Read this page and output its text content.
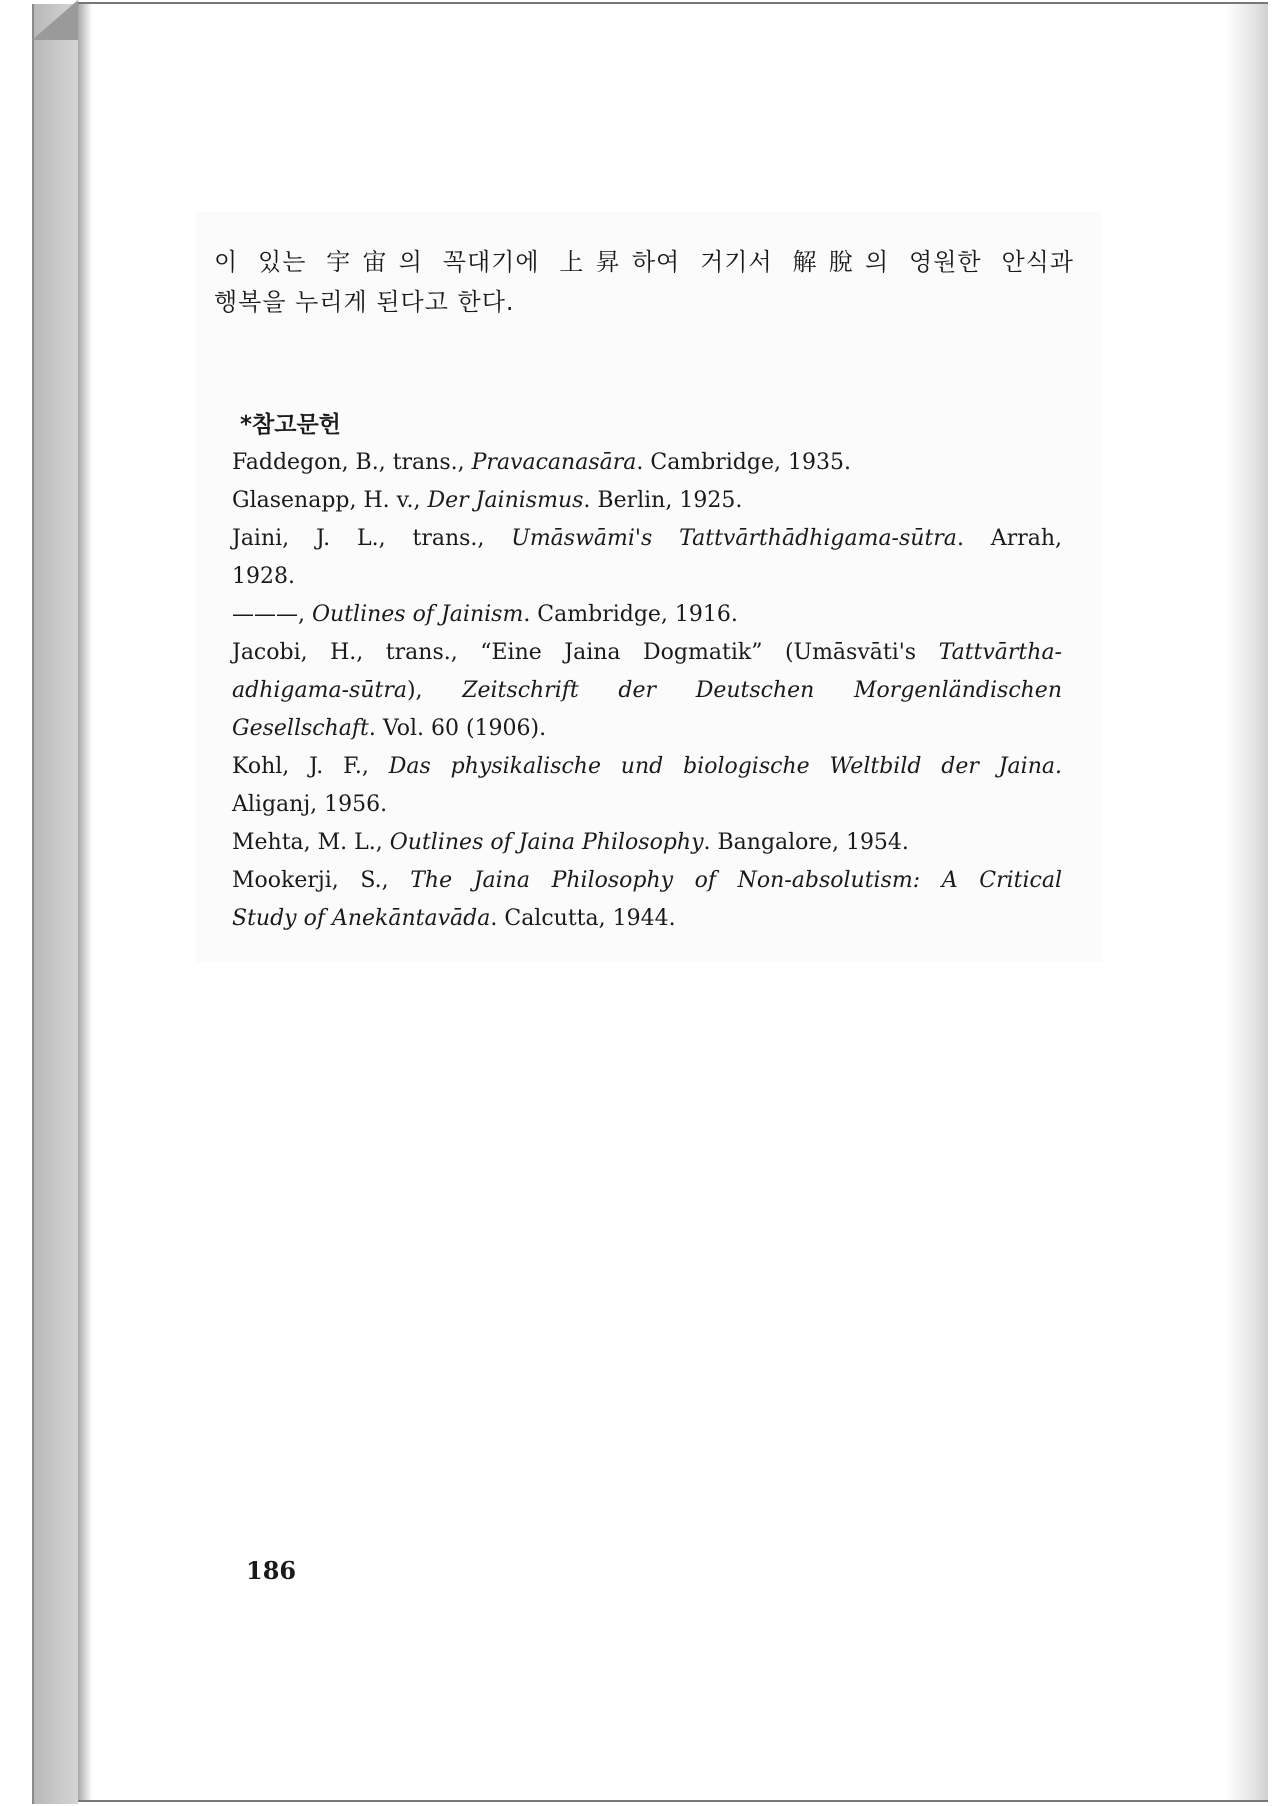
이 있는 宇宙의 꼭대기에 上昇하여 거기서 解脫의 영원한 안식과
행복을 누리게 된다고 한다.
*참고문헌
Faddegon, B., trans., Pravacanasāra. Cambridge, 1935.
Glasenapp, H. v., Der Jainismus. Berlin, 1925.
Jaini, J. L., trans., Umāswāmi's Tattvārthādhigama-sūtra. Arrah,
1928.
———, Outlines of Jainism. Cambridge, 1916.
Jacobi, H., trans., “Eine Jaina Dogmatik” (Umāsvāti's Tattvārtha-
adhigama-sūtra), Zeitschrift der Deutschen Morgenländischen
Gesellschaft. Vol. 60 (1906).
Kohl, J. F., Das physikalische und biologische Weltbild der Jaina.
Aliganj, 1956.
Mehta, M. L., Outlines of Jaina Philosophy. Bangalore, 1954.
Mookerji, S., The Jaina Philosophy of Non-absolutism: A Critical
Study of Anekāntavāda. Calcutta, 1944.
186
